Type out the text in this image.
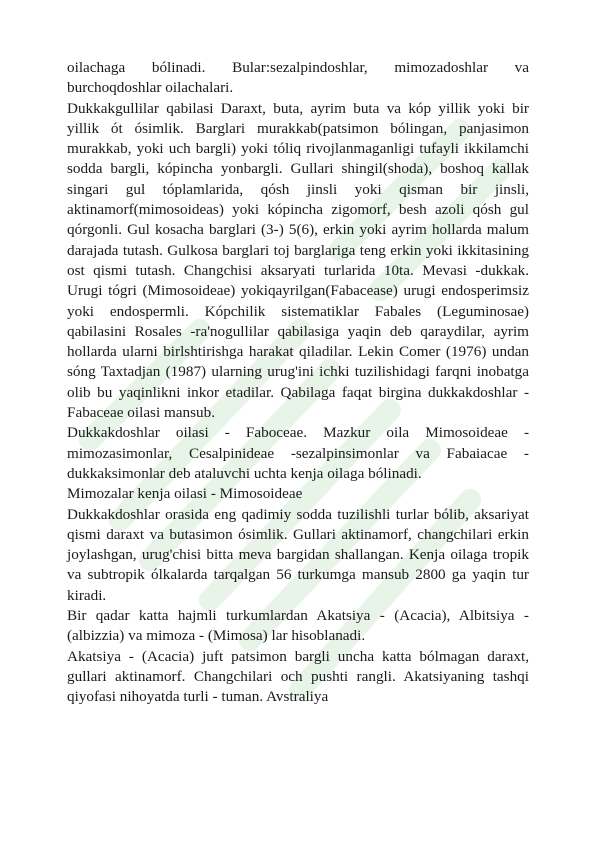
oilachaga bólinadi. Bular:sezalpindoshlar, mimozadoshlar va burchoqdoshlar oilachalari.

Dukkakgullilar qabilasi Daraxt, buta, ayrim buta va kóp yillik yoki bir yillik ót ósimlik. Barglari murakkab(patsimon bólingan, panjasimon murakkab, yoki uch bargli) yoki tóliq rivojlanmaganligi tufayli ikkilamchi sodda bargli, kópincha yonbargli. Gullari shingil(shoda), boshoq kallak singari gul tóplamlarida, qósh jinsli yoki qisman bir jinsli, aktinamorf(mimosoideas) yoki kópincha zigomorf, besh azoli qósh gul qórgonli. Gul kosacha barglari (3-) 5(6), erkin yoki ayrim hollarda malum darajada tutash. Gulkosa barglari toj barglariga teng erkin yoki ikkitasining ost qismi tutash. Changchisi aksaryati turlarida 10ta. Mevasi -dukkak. Urugi tógri (Mimosoideae) yokiqayrilgan(Fabacease) urugi endosperimsiz yoki endospermli. Kópchilik sistematiklar Fabales (Leguminosae) qabilasini Rosales -ra'nogullilar qabilasiga yaqin deb qaraydilar, ayrim hollarda ularni birlshtirishga harakat qiladilar. Lekin Comer (1976) undan sóng Taxtadjan (1987) ularning urug'ini ichki tuzilishidagi farqni inobatga olib bu yaqinlikni inkor etadilar. Qabilaga faqat birgina dukkakdoshlar - Fabaceae oilasi mansub.

Dukkakdoshlar oilasi - Faboceae. Mazkur oila Mimosoideae - mimozasimonlar, Cesalpinideae -sezalpinsimonlar va Fabaiacae - dukkaksimonlar deb ataluvchi uchta kenja oilaga bólinadi.

Mimozalar kenja oilasi - Mimosoideae

Dukkakdoshlar orasida eng qadimiy sodda tuzilishli turlar bólib, aksariyat qismi daraxt va butasimon ósimlik. Gullari aktinamorf, changchilari erkin joylashgan, urug'chisi bitta meva bargidan shallangan. Kenja oilaga tropik va subtropik ólkalarda tarqalgan 56 turkumga mansub 2800 ga yaqin tur kiradi.

Bir qadar katta hajmli turkumlardan Akatsiya - (Acacia), Albitsiya - (albizzia) va mimoza - (Mimosa) lar hisoblanadi.

Akatsiya - (Acacia) juft patsimon bargli uncha katta bólmagan daraxt, gullari aktinamorf. Changchilari och pushti rangli. Akatsiyaning tashqi qiyofasi nihoyatda turli - tuman. Avstraliya
